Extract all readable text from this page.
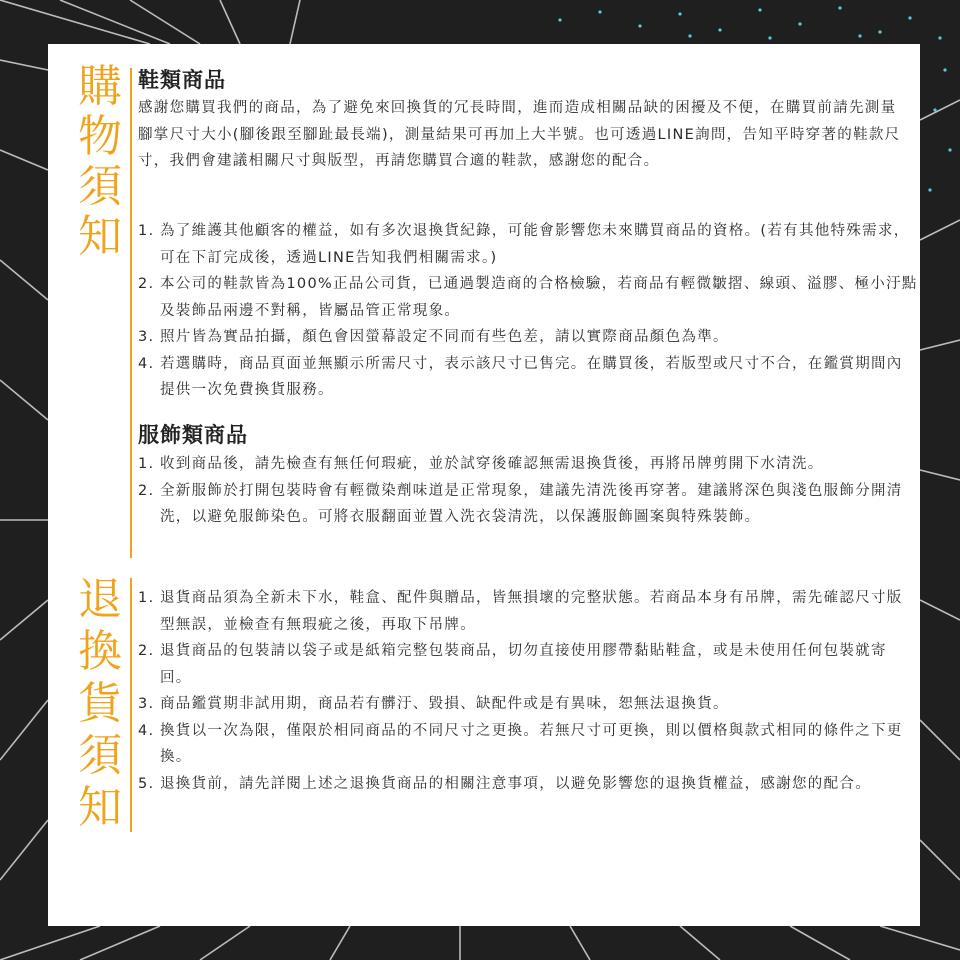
購
物
須
知
鞋類商品
感謝您購買我們的商品，為了避免來回換貨的冗長時間，進而造成相關品缺的困擾及不便，在購買前請先測量腳掌尺寸大小(腳後跟至腳趾最長端)，測量結果可再加上大半號。也可透過LINE詢問，告知平時穿著的鞋款尺寸，我們會建議相關尺寸與版型，再請您購買合適的鞋款，感謝您的配合。
1. 為了維護其他顧客的權益，如有多次退換貨紀錄，可能會影響您未來購買商品的資格。(若有其他特殊需求，可在下訂完成後，透過LINE告知我們相關需求。)
2. 本公司的鞋款皆為100%正品公司貨，已通過製造商的合格檢驗，若商品有輕微皺摺、線頭、溢膠、極小汙點及裝飾品兩邊不對稱，皆屬品管正常現象。
3. 照片皆為實品拍攝，顏色會因螢幕設定不同而有些色差，請以實際商品顏色為準。
4. 若選購時，商品頁面並無顯示所需尺寸，表示該尺寸已售完。在購買後，若版型或尺寸不合，在鑑賞期間內提供一次免費換貨服務。
服飾類商品
1. 收到商品後，請先檢查有無任何瑕疵，並於試穿後確認無需退換貨後，再將吊牌剪開下水清洗。
2. 全新服飾於打開包裝時會有輕微染劑味道是正常現象，建議先清洗後再穿著。建議將深色與淺色服飾分開清洗，以避免服飾染色。可將衣服翻面並置入洗衣袋清洗，以保護服飾圖案與特殊裝飾。
退
換
貨
須
知
1. 退貨商品須為全新未下水，鞋盒、配件與贈品，皆無損壞的完整狀態。若商品本身有吊牌，需先確認尺寸版型無誤，並檢查有無瑕疵之後，再取下吊牌。
2. 退貨商品的包裝請以袋子或是紙箱完整包裝商品，切勿直接使用膠帶黏貼鞋盒，或是未使用任何包裝就寄回。
3. 商品鑑賞期非試用期，商品若有髒汙、毀損、缺配件或是有異味，恕無法退換貨。
4. 換貨以一次為限，僅限於相同商品的不同尺寸之更換。若無尺寸可更換，則以價格與款式相同的條件之下更換。
5. 退換貨前，請先詳閱上述之退換貨商品的相關注意事項，以避免影響您的退換貨權益，感謝您的配合。
